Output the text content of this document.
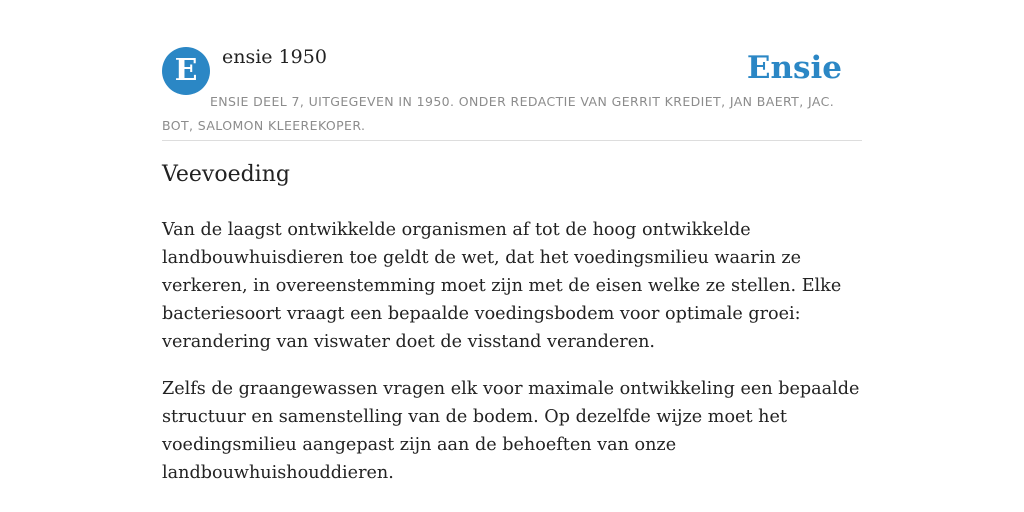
E	ensie 1950	Ensie
ENSIE DEEL 7, UITGEGEVEN IN 1950. ONDER REDACTIE VAN GERRIT KREDIET, JAN BAERT, JAC. BOT, SALOMON KLEEREKOPER.
Veevoeding

Van de laagst ontwikkelde organismen af tot de hoog ontwikkelde landbouwhuisdieren toe geldt de wet, dat het voedingsmilieu waarin ze verkeren, in overeenstemming moet zijn met de eisen welke ze stellen. Elke bacteriesoort vraagt een bepaalde voedingsbodem voor optimale groei: verandering van viswater doet de visstand veranderen.

Zelfs de graangewassen vragen elk voor maximale ontwikkeling een bepaalde structuur en samenstelling van de bodem. Op dezelfde wijze moet het voedingsmilieu aangepast zijn aan de behoeften van onze landbouwhuishouddieren.
